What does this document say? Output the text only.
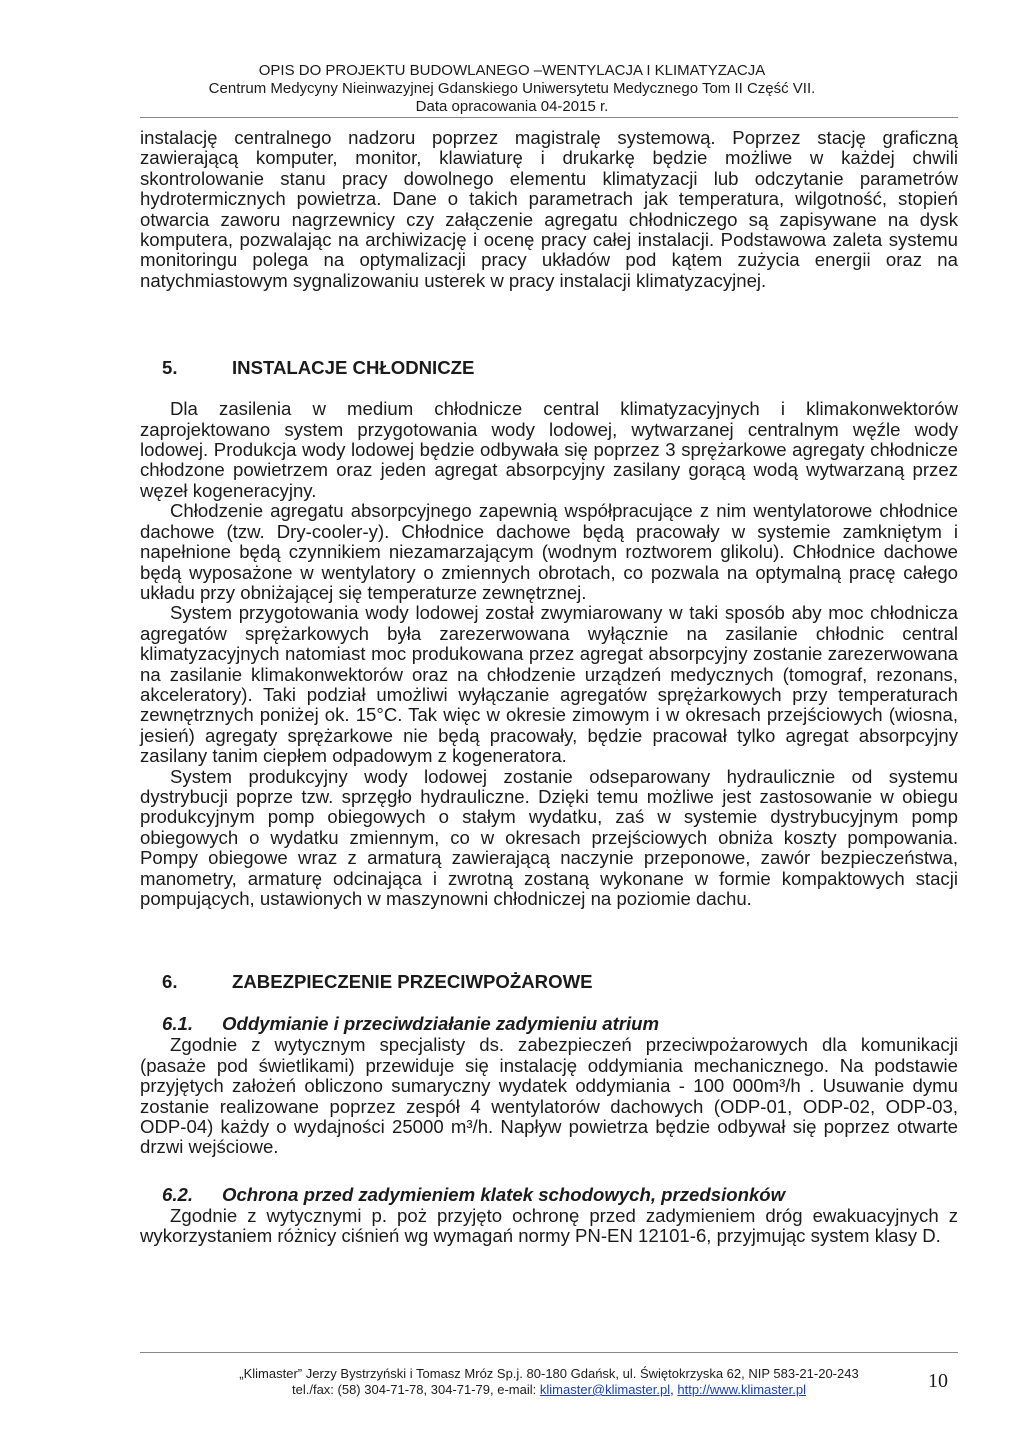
OPIS DO PROJEKTU BUDOWLANEGO –WENTYLACJA I KLIMATYZACJA
Centrum Medycyny Nieinwazyjnej Gdanskiego Uniwersytetu Medycznego Tom II Część VII.
Data opracowania 04-2015 r.

instalację centralnego nadzoru poprzez magistralę systemową. Poprzez stację graficzną zawierającą komputer, monitor, klawiaturę i drukarkę będzie możliwe w każdej chwili skontrolowanie stanu pracy dowolnego elementu klimatyzacji lub odczytanie parametrów hydrotermicznych powietrza. Dane o takich parametrach jak temperatura, wilgotność, stopień otwarcia zaworu nagrzewnicy czy załączenie agregatu chłodniczego są zapisywane na dysk komputera, pozwalając na archiwizację i ocenę pracy całej instalacji. Podstawowa zaleta systemu monitoringu polega na optymalizacji pracy układów pod kątem zużycia energii oraz na natychmiastowym sygnalizowaniu usterek w pracy instalacji klimatyzacyjnej.

5.	INSTALACJE CHŁODNICZE

Dla zasilenia w medium chłodnicze central klimatyzacyjnych i klimakonwektorów zaprojektowano system przygotowania wody lodowej, wytwarzanej centralnym węźle wody lodowej. Produkcja wody lodowej będzie odbywała się poprzez 3 sprężarkowe agregaty chłodnicze chłodzone powietrzem oraz jeden agregat absorpcyjny zasilany gorącą wodą wytwarzaną przez węzeł kogeneracyjny.

Chłodzenie agregatu absorpcyjnego zapewnią współpracujące z nim wentylatorowe chłodnice dachowe (tzw. Dry-cooler-y). Chłodnice dachowe będą pracowały w systemie zamkniętym i napełnione będą czynnikiem niezamarzającym (wodnym roztworem glikolu). Chłodnice dachowe będą wyposażone w wentylatory o zmiennych obrotach, co pozwala na optymalną pracę całego układu przy obniżającej się temperaturze zewnętrznej.

System przygotowania wody lodowej został zwymiarowany w taki sposób aby moc chłodnicza agregatów sprężarkowych była zarezerwowana wyłącznie na zasilanie chłodnic central klimatyzacyjnych natomiast moc produkowana przez agregat absorpcyjny zostanie zarezerwowana na zasilanie klimakonwektorów oraz na chłodzenie urządzeń medycznych (tomograf, rezonans, akceleratory). Taki podział umożliwi wyłączanie agregatów sprężarkowych przy temperaturach zewnętrznych poniżej ok. 15°C. Tak więc w okresie zimowym i w okresach przejściowych (wiosna, jesień) agregaty sprężarkowe nie będą pracowały, będzie pracował tylko agregat absorpcyjny zasilany tanim ciepłem odpadowym z kogeneratora.

System produkcyjny wody lodowej zostanie odseparowany hydraulicznie od systemu dystrybucji poprze tzw. sprzęgło hydrauliczne. Dzięki temu możliwe jest zastosowanie w obiegu produkcyjnym pomp obiegowych o stałym wydatku, zaś w systemie dystrybucyjnym pomp obiegowych o wydatku zmiennym, co w okresach przejściowych obniża koszty pompowania. Pompy obiegowe wraz z armaturą zawierającą naczynie przeponowe, zawór bezpieczeństwa, manometry, armaturę odcinająca i zwrotną zostaną wykonane w formie kompaktowych stacji pompujących, ustawionych w maszynowni chłodniczej na poziomie dachu.

6.	ZABEZPIECZENIE PRZECIWPOŻAROWE
6.1.	Oddymianie i przeciwdziałanie zadymieniu atrium

Zgodnie z wytycznym specjalisty ds. zabezpieczeń przeciwpożarowych dla komunikacji (pasaże pod świetlikami) przewiduje się instalację oddymiania mechanicznego. Na podstawie przyjętych założeń obliczono sumaryczny wydatek oddymiania - 100 000m³/h . Usuwanie dymu zostanie realizowane poprzez zespół 4 wentylatorów dachowych (ODP-01, ODP-02, ODP-03, ODP-04) każdy o wydajności 25000 m³/h. Napływ powietrza będzie odbywał się poprzez otwarte drzwi wejściowe.

6.2.	Ochrona przed zadymieniem klatek schodowych, przedsionków

Zgodnie z wytycznymi p. poż przyjęto ochronę przed zadymieniem dróg ewakuacyjnych z wykorzystaniem różnicy ciśnień wg wymagań normy PN-EN 12101-6, przyjmując system klasy D.

„Klimaster” Jerzy Bystrzyński i Tomasz Mróz Sp.j. 80-180 Gdańsk, ul. Świętokrzyska 62, NIP 583-21-20-243
tel./fax: (58) 304-71-78, 304-71-79, e-mail: klimaster@klimaster.pl, http://www.klimaster.pl	10
